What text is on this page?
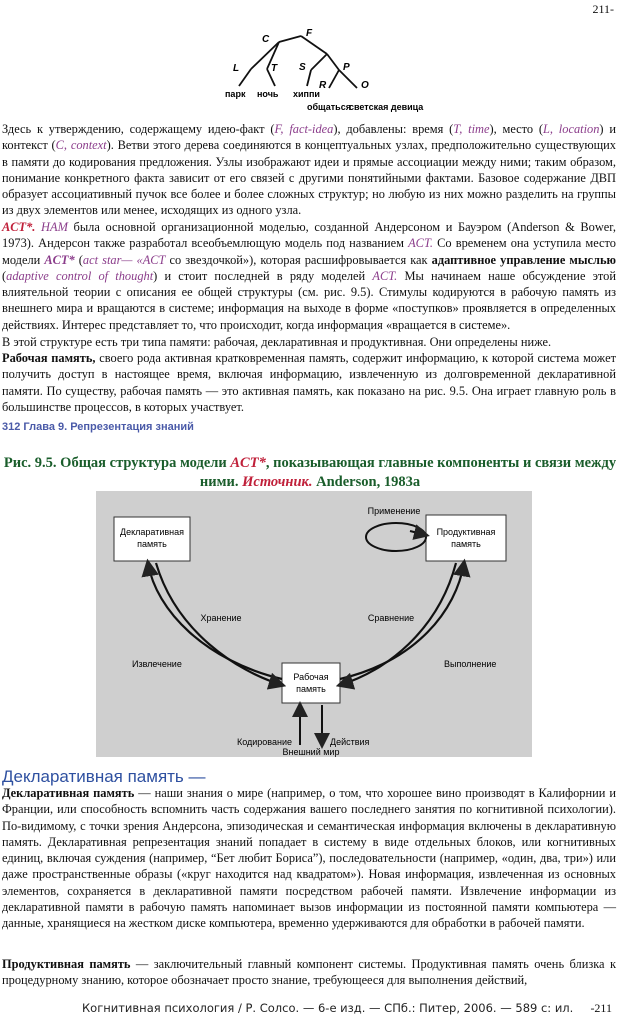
211-
C
F
L	T S	P
R	O
парк ночь хиппи
общаться
светская девица

Здесь к утверждению, содержащему идею-факт (F, fact-idea), добавлены: время (T, time), место (L, location) и контекст (C, context). Ветви этого дерева соединяются в концептуальных узлах, предположительно существующих в памяти до кодирования предложения. Узлы изображают идеи и прямые ассоциации между ними; таким образом, понимание конкретного факта зависит от его связей с другими понятийными фактами. Базовое содержание ДВП образует ассоциативный пучок все более и более сложных структур; но любую из них можно разделить на группы из двух элементов или менее, исходящих из одного узла.

ACT*. HAM была основной организационной моделью, созданной Андерсоном и Бауэром (Anderson & Bower, 1973). Андерсон также разработал всеобъемлющую модель под названием ACT. Со временем она уступила место модели ACT* (act star— «ACT со звездочкой»), которая расшифровывается как адаптивное управление мыслью (adaptive control of thought) и стоит последней в ряду моделей ACT. Мы начинаем наше обсуждение этой влиятельной теории с описания ее общей структуры (см. рис. 9.5). Стимулы кодируются в рабочую память из внешнего мира и вращаются в системе; информация на выходе в форме «поступков» проявляется в определенных действиях. Интерес представляет то, что происходит, когда информация «вращается в системе».

В этой структуре есть три типа памяти: рабочая, декларативная и продуктивная. Они определены ниже.

Рабочая память, своего рода активная кратковременная память, содержит информацию, к которой система может получить доступ в настоящее время, включая информацию, извлеченную из долговременной декларативной памяти. По существу, рабочая память — это активная память, как показано на рис. 9.5. Она играет главную роль в большинстве процессов, в которых участвует.

312 Глава 9. Репрезентация знаний
Рис. 9.5. Общая структура модели ACT*, показывающая главные компоненты и связи между ними. Источник. Anderson, 1983a
Декларативная
память
Продуктивная
память
Рабочая
память
Применение
Хранение	Сравнение
Извлечение	Выполнение
Кодирование	Действия
Внешний мир
Декларативная память —

Декларативная память — наши знания о мире (например, о том, что хорошее вино производят в Калифорнии и Франции, или способность вспомнить часть содержания вашего последнего занятия по когнитивной психологии). По-видимому, с точки зрения Андерсона, эпизодическая и семантическая информация включены в декларативную память. Декларативная репрезентация знаний попадает в систему в виде отдельных блоков, или когнитивных единиц, включая суждения (например, “Бет любит Бориса”), последовательности (например, «один, два, три») или даже пространственные образы («круг находится над квадратом»). Новая информация, извлеченная из основных элементов, сохраняется в декларативной памяти посредством рабочей памяти. Извлечение информации из декларативной памяти в рабочую память напоминает вызов информации из постоянной памяти компьютера — данные, хранящиеся на жестком диске компьютера, временно удерживаются для обработки в рабочей памяти.

Продуктивная память — заключительный главный компонент системы. Продуктивная память очень близка к процедурному знанию, которое обозначает просто знание, требующееся для выполнения действий,

Когнитивная психология / Р. Солсо. — 6-е изд. — СПб.: Питер, 2006. — 589 с: ил. -211
